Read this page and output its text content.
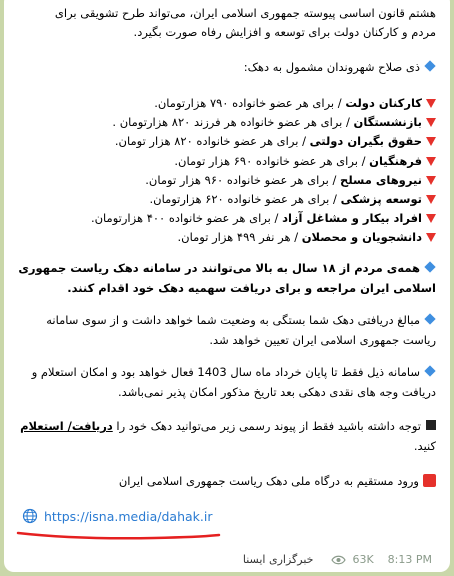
هشتم قانون اساسی پیوسته جمهوری اسلامی ایران، می‌تواند طرح تشویقی برای
مردم و کارکنان دولت برای توسعه و افزایش رفاه صورت بگیرد.
ذی صلاح شهروندان مشمول به دهک:
کارکنان دولت / برای هر عضو خانواده ۷۹۰ هزارتومان.
بازنشستگان / برای هر عضو خانواده هر فرزند ۸۲۰ هزارتومان .
حقوق بگیران دولتی / برای هر عضو خانواده ۸۲۰ هزار تومان.
فرهنگیان / برای هر عضو خانواده ۶۹۰ هزار تومان.
نیروهای مسلح / برای هر عضو خانواده ۹۶۰ هزار تومان.
توسعه پزشکی / برای هر عضو خانواده ۶۲۰ هزارتومان.
افراد بیکار و مشاغل آزاد / برای هر عضو خانواده ۴۰۰ هزارتومان.
دانشجویان و محصلان / هر نفر ۴۹۹ هزار تومان.
همه‌ی مردم از ۱۸ سال به بالا می‌توانند در سامانه دهک ریاست جمهوری اسلامی ایران مراجعه و برای دریافت سهمیه دهک خود اقدام کنند.
مبالغ دریافتی دهک شما بستگی به وضعیت شما خواهد داشت و از سوی سامانه ریاست جمهوری اسلامی ایران تعیین خواهد شد.
سامانه ذیل فقط تا پایان خرداد ماه سال 1403 فعال خواهد بود و امکان استعلام و دریافت وجه های نقدی دهکی بعد تاریخ مذکور امکان پذیر نمی‌باشد.
توجه داشته باشید فقط از پیوند رسمی زیر می‌توانید دهک خود را دریافت/ استعلام کنید.
ورود مستقیم به درگاه ملی دهک ریاست جمهوری اسلامی ایران
https://isna.media/dahak.ir
خبرگزاری ایسنا	63K 8:13 PM
